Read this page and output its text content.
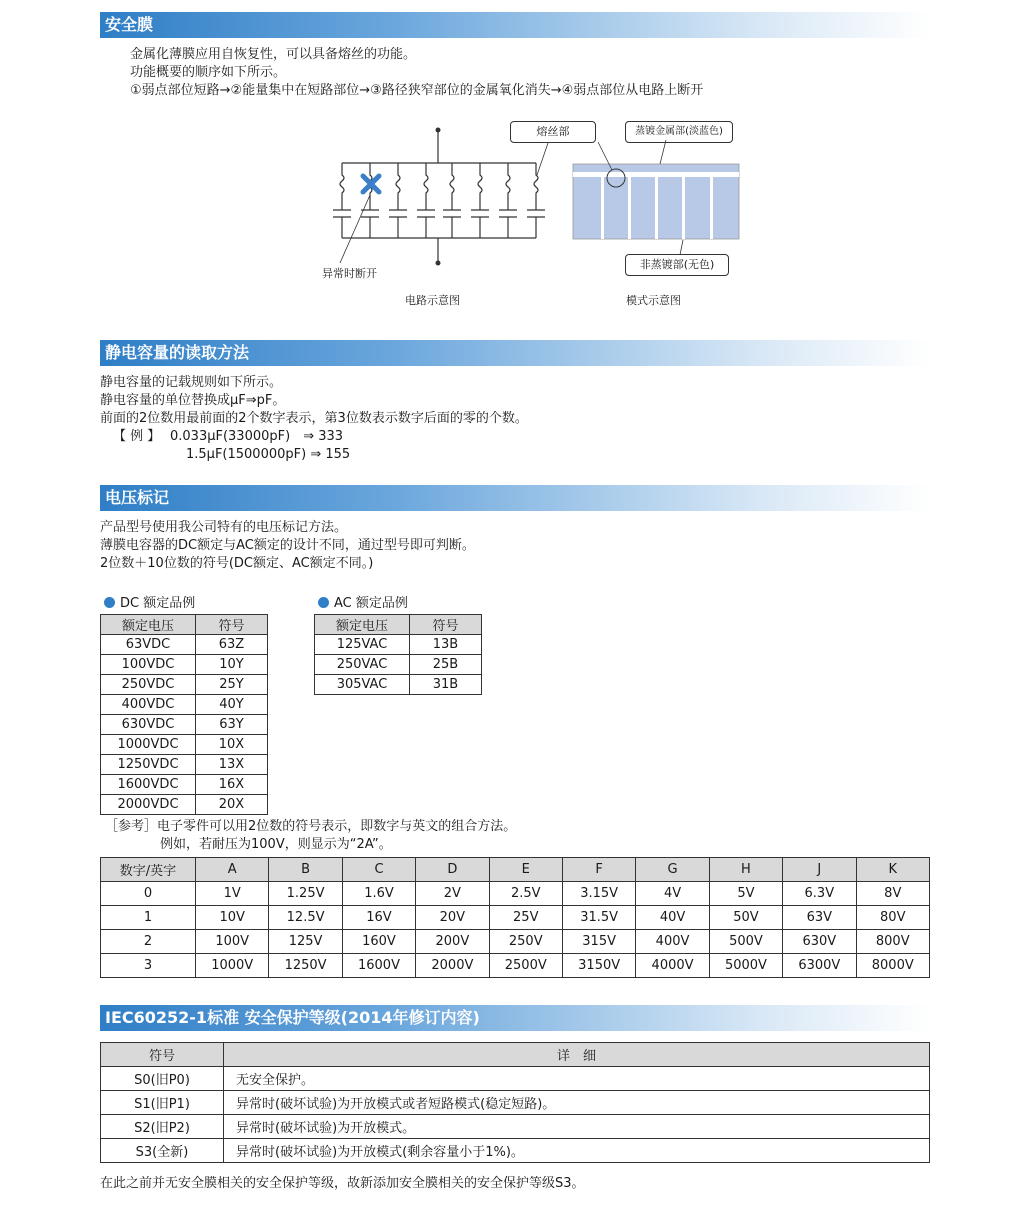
安全膜
金属化薄膜应用自恢复性，可以具备熔丝的功能。
功能概要的顺序如下所示。
①弱点部位短路→②能量集中在短路部位→③路径狭窄部位的金属氧化消失→④弱点部位从电路上断开
异常时断开
电路示意图
熔丝部	蒸镀金属部(淡蓝色)
非蒸镀部(无色)
模式示意图
静电容量的读取方法
静电容量的记载规则如下所示。
静电容量的单位替换成μF⇒pF。
前面的2位数用最前面的2个数字表示，第3位数表示数字后面的零的个数。
【 例 】 0.033μF(33000pF)　⇒ 333
1.5μF(1500000pF) ⇒ 155
电压标记
产品型号使用我公司特有的电压标记方法。
薄膜电容器的DC额定与AC额定的设计不同，通过型号即可判断。
2位数＋10位数的符号(DC额定、AC额定不同。)
DC 额定品例	AC 额定品例
额定电压	符号
63VDC	63Z
100VDC	10Y
250VDC	25Y
400VDC	40Y
630VDC	63Y
1000VDC	10X
1250VDC	13X
1600VDC	16X
2000VDC	20X
额定电压	符号
125VAC	13B
250VAC	25B
305VAC	31B
［参考］电子零件可以用2位数的符号表示，即数字与英文的组合方法。
例如，若耐压为100V，则显示为“2A”。
数字/英字	A	B	C	D	E	F	G	H	J	K
0	1V	1.25V	1.6V	2V	2.5V	3.15V	4V	5V	6.3V	8V
1	10V	12.5V	16V	20V	25V	31.5V	40V	50V	63V	80V
2	100V	125V	160V	200V	250V	315V	400V	500V	630V	800V
3	1000V	1250V	1600V	2000V	2500V	3150V	4000V	5000V	6300V	8000V
IEC60252-1标准 安全保护等级(2014年修订内容)
符号	详　细
S0(旧P0)	无安全保护。
S1(旧P1)	异常时(破坏试验)为开放模式或者短路模式(稳定短路)。
S2(旧P2)	异常时(破坏试验)为开放模式。
S3(全新)	异常时(破坏试验)为开放模式(剩余容量小于1%)。
在此之前并无安全膜相关的安全保护等级，故新添加安全膜相关的安全保护等级S3。
